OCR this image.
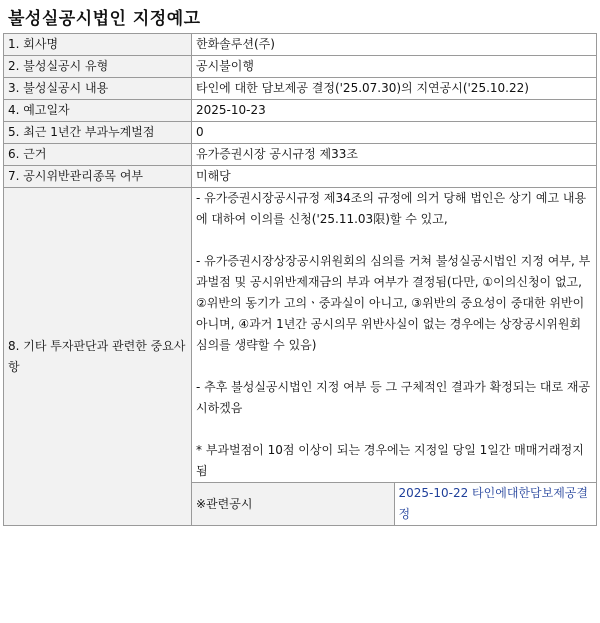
불성실공시법인 지정예고
1. 회사명	한화솔루션(주)	
2. 불성실공시 유형	공시불이행	
3. 불성실공시 내용	타인에 대한 담보제공 결정('25.07.30)의 지연공시('25.10.22)	
4. 예고일자	2025-10-23	
5. 최근 1년간 부과누계벌점	0	
6. 근거	유가증권시장 공시규정 제33조	
7. 공시위반관리종목 여부	미해당	
8. 기타 투자판단과 관련한 중요사항	- 유가증권시장공시규정 제34조의 규정에 의거 당해 법인은 상기 예고 내용에 대하여 이의를 신청('25.11.03限)할 수 있고,

- 유가증권시장상장공시위원회의 심의를 거쳐 불성실공시법인 지정 여부, 부과벌점 및 공시위반제재금의 부과 여부가 결정됨(다만, ①이의신청이 없고, ②위반의 동기가 고의ㆍ중과실이 아니고, ③위반의 중요성이 중대한 위반이 아니며, ④과거 1년간 공시의무 위반사실이 없는 경우에는 상장공시위원회 심의를 생략할 수 있음)

- 추후 불성실공시법인 지정 여부 등 그 구체적인 결과가 확정되는 대로 재공시하겠음

* 부과벌점이 10점 이상이 되는 경우에는 지정일 당일 1일간 매매거래정지됨	

	※관련공시	2025-10-22 타인에대한담보제공결정
